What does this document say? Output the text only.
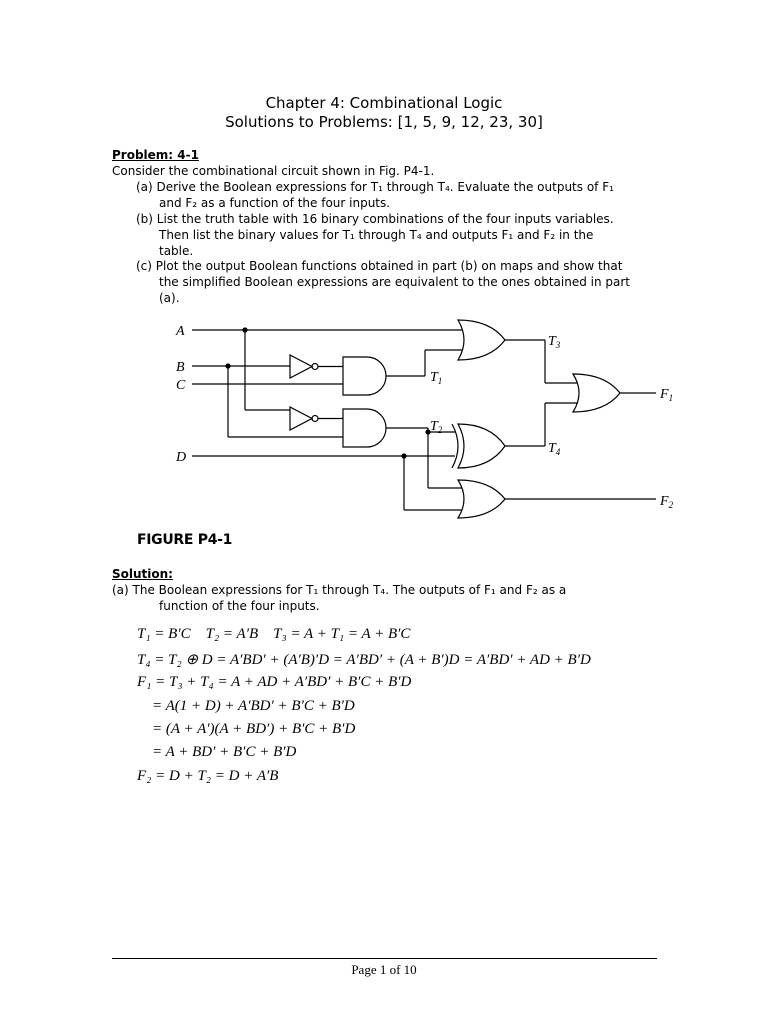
Chapter 4: Combinational Logic
Solutions to Problems: [1, 5, 9, 12, 23, 30]
Problem: 4-1
Consider the combinational circuit shown in Fig. P4-1.
(a) Derive the Boolean expressions for T₁ through T₄. Evaluate the outputs of F₁
and F₂ as a function of the four inputs.
(b) List the truth table with 16 binary combinations of the four inputs variables.
Then list the binary values for T₁ through T₄ and outputs F₁ and F₂ in the
table.
(c) Plot the output Boolean functions obtained in part (b) on maps and show that
the simplified Boolean expressions are equivalent to the ones obtained in part
(a).
A
B
C
D
$T_1$
$T_2$
$T_3$
$T_4$
$F_1$
$F_2$
FIGURE P4-1
Solution:
(a) The Boolean expressions for T₁ through T₄. The outputs of F₁ and F₂ as a
function of the four inputs.
T₁ = B′C    T₂ = A′B    T₃ = A + T₁ = A + B′C
T₄ = T₂ ⊕ D = A′BD′ + (A′B)′D = A′BD′ + (A + B′)D = A′BD′ + AD + B′D
F₁ = T₃ + T₄ = A + AD + A′BD′ + B′C + B′D
= A(1 + D) + A′BD′ + B′C + B′D
= (A + A′)(A + BD′) + B′C + B′D
= A + BD′ + B′C + B′D
F₂ = D + T₂ = D + A′B
Page 1 of 10
